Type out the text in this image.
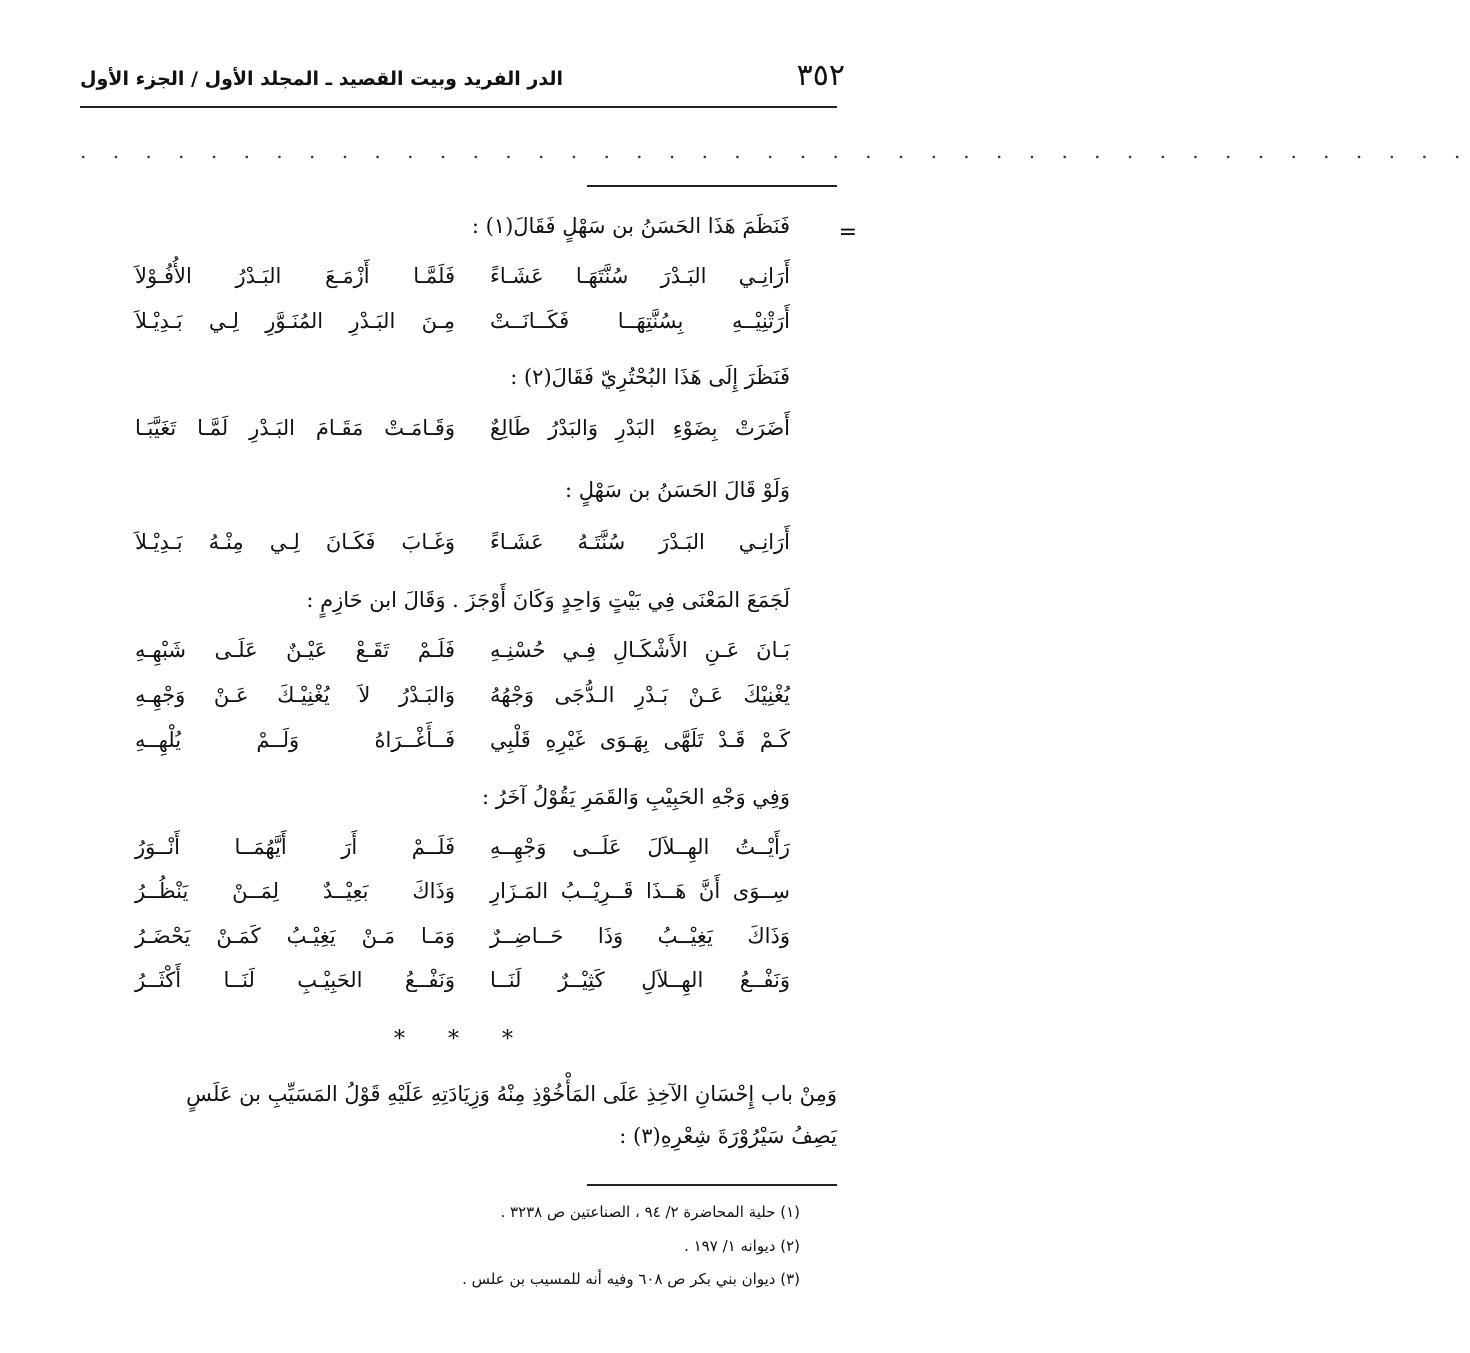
٣٥٢
الدر الفريد وبيت القصيد ـ المجلد الأول / الجزء الأول
. . . . . . . . . . . . . . . . . . . . . . . . . . . . . . . . . . . . . . . . . . .
=
فَنَظَمَ هَذَا الحَسَنُ بن سَهْلٍ فَقَالَ(١) :
أَرَانِـي البَـدْرَ سُنَّتَهَـا عَشَـاءً
فَلَمَّـا أَزْمَـعَ البَـدْرُ الأُفُـوْلاَ
أَرَتْنِيْــهِ بِسُنَّتِهَــا فَكَــانَــتْ
مِـنَ البَـدْرِ المُنَـوَّرِ لِـي بَـدِيْـلاَ
فَنَظَرَ إِلَى هَذَا البُحْتُرِيّ فَقَالَ(٢) :
أَضَرَتْ بِضَوْءِ البَدْرِ وَالبَدْرُ طَالِعٌ
وَقَـامَـتْ مَقَـامَ البَـدْرِ لَمَّـا تَغَيَّبَـا
وَلَوْ قَالَ الحَسَنُ بن سَهْلٍ :
أَرَانِـي البَـدْرَ سُنَّتَـهُ عَشَـاءً
وَغَـابَ فَكَـانَ لِـي مِنْـهُ بَـدِيْـلاَ
لَجَمَعَ المَعْنَى فِي بَيْتٍ وَاحِدٍ وَكَانَ أَوْجَزَ . وَقَالَ ابن حَازِمٍ :
بَـانَ عَـنِ الأَشْكَـالِ فِـي حُسْنِـهِ
فَلَـمْ تَقَـعْ عَيْـنٌ عَلَـى شَبْهِـهِ
يُغْنِيْكَ عَـنْ بَـدْرِ الـدُّجَى وَجْهُهُ
وَالبَـدْرُ لاَ يُغْنِيْـكَ عَـنْ وَجْهِـهِ
كَـمْ قَـدْ تَلَهَّى بِهَـوَى غَيْرِهِ قَلْبِي
فَــأَغْــرَاهُ وَلَــمْ يُلْهِــهِ
وَفِي وَجْهِ الحَبِيْبِ وَالقَمَرِ يَقُوْلُ آخَرُ :
رَأَيْــتُ الهِــلاَلَ عَلَــى وَجْهِــهِ
فَلَــمْ أَرَ أَيَّهُمَــا أَنْــوَرُ
سِــوَى أَنَّ هَــذَا قَــرِيْــبُ المَـزَارِ
وَذَاكَ بَعِيْــدٌ لِمَــنْ يَنْظُــرُ
وَذَاكَ يَغِيْــبُ وَذَا حَــاضِــرٌ
وَمَـا مَـنْ يَغِيْـبُ كَمَـنْ يَحْضَـرُ
وَنَفْــعُ الهِــلاَلِ كَثِيْــرٌ لَنَــا
وَنَفْــعُ الحَبِيْـبِ لَنَــا أَكْثَــرُ
* * *
وَمِنْ باب إِحْسَانِ الآخِذِ عَلَى المَأْخُوْذِ مِنْهُ وَزِيَادَتِهِ عَلَيْهِ قَوْلُ المَسَيِّبِ بن عَلَسٍ
يَصِفُ سَيْرُوْرَةَ شِعْرِهِ(٣) :
(١) حلية المحاضرة ٢/ ٩٤ ، الصناعتين ص ٣٢٣٨ .
(٢) ديوانه ١/ ١٩٧ .
(٣) ديوان بني بكر ص ٦٠٨ وفيه أنه للمسيب بن علس .
